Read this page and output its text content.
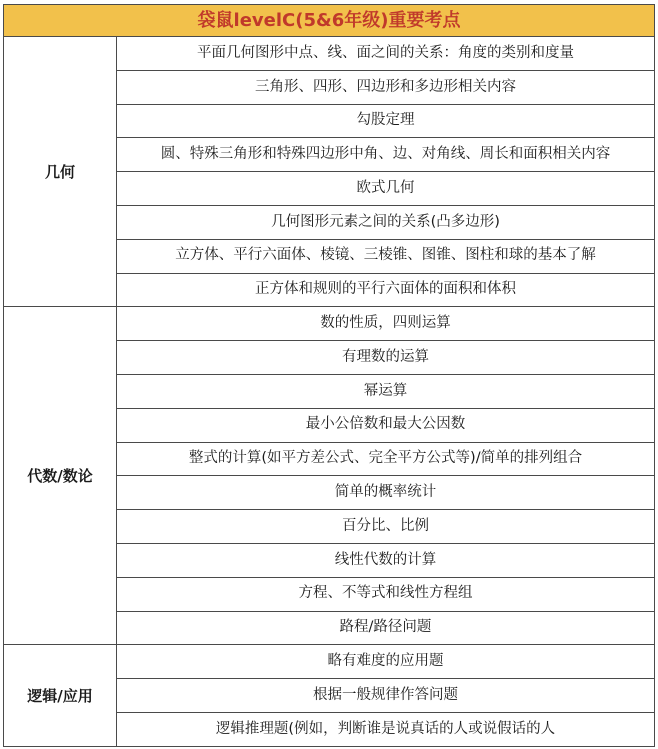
袋鼠levelC(5&6年级)重要考点	
几何	平面几何图形中点、线、面之间的关系：角度的类别和度量
	三角形、四形、四边形和多边形相关内容
	勾股定理
	圆、特殊三角形和特殊四边形中角、边、对角线、周长和面积相关内容
	欧式几何
	几何图形元素之间的关系(凸多边形)
	立方体、平行六面体、棱镜、三棱锥、图锥、图柱和球的基本了解
	正方体和规则的平行六面体的面积和体积
代数/数论	数的性质，四则运算
	有理数的运算
	幂运算
	最小公倍数和最大公因数
	整式的计算(如平方差公式、完全平方公式等)/简单的排列组合
	简单的概率统计
	百分比、比例
	线性代数的计算
	方程、不等式和线性方程组
	路程/路径问题
逻辑/应用	略有难度的应用题
	根据一般规律作答问题
	逻辑推理题(例如，判断谁是说真话的人或说假话的人
